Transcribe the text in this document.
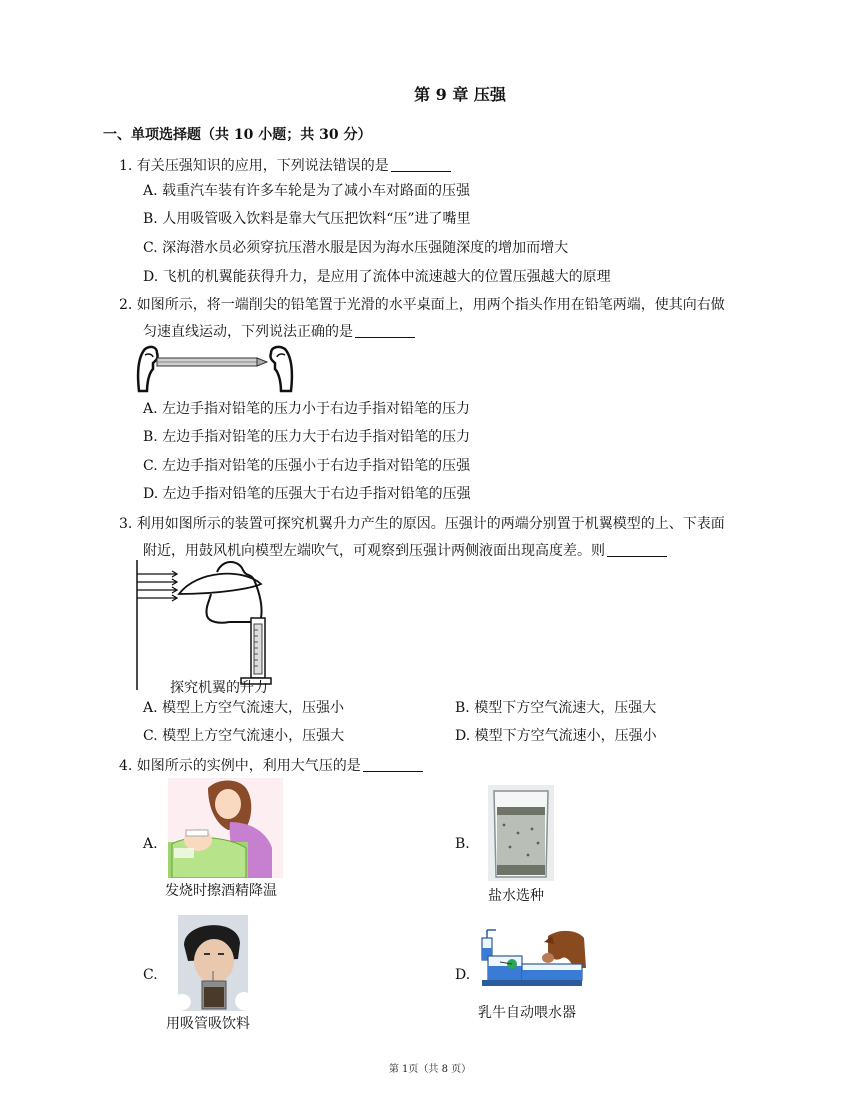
第 9 章 压强
一、单项选择题（共 10 小题；共 30 分）
1. 有关压强知识的应用，下列说法错误的是
A. 载重汽车装有许多车轮是为了减小车对路面的压强
B. 人用吸管吸入饮料是靠大气压把饮料“压”进了嘴里
C. 深海潜水员必须穿抗压潜水服是因为海水压强随深度的增加而增大
D. 飞机的机翼能获得升力，是应用了流体中流速越大的位置压强越大的原理
2. 如图所示，将一端削尖的铅笔置于光滑的水平桌面上，用两个指头作用在铅笔两端，使其向右做
匀速直线运动，下列说法正确的是
A. 左边手指对铅笔的压力小于右边手指对铅笔的压力
B. 左边手指对铅笔的压力大于右边手指对铅笔的压力
C. 左边手指对铅笔的压强小于右边手指对铅笔的压强
D. 左边手指对铅笔的压强大于右边手指对铅笔的压强
3. 利用如图所示的装置可探究机翼升力产生的原因。压强计的两端分别置于机翼模型的上、下表面
附近，用鼓风机向模型左端吹气，可观察到压强计两侧液面出现高度差。则
探究机翼的升力
A. 模型上方空气流速大，压强小	B. 模型下方空气流速大，压强大
C. 模型上方空气流速小，压强大	D. 模型下方空气流速小，压强小
4. 如图所示的实例中，利用大气压的是
A.
发烧时擦酒精降温
B.
盐水选种
C.
用吸管吸饮料
D.
乳牛自动喂水器
第 1页（共 8 页）
